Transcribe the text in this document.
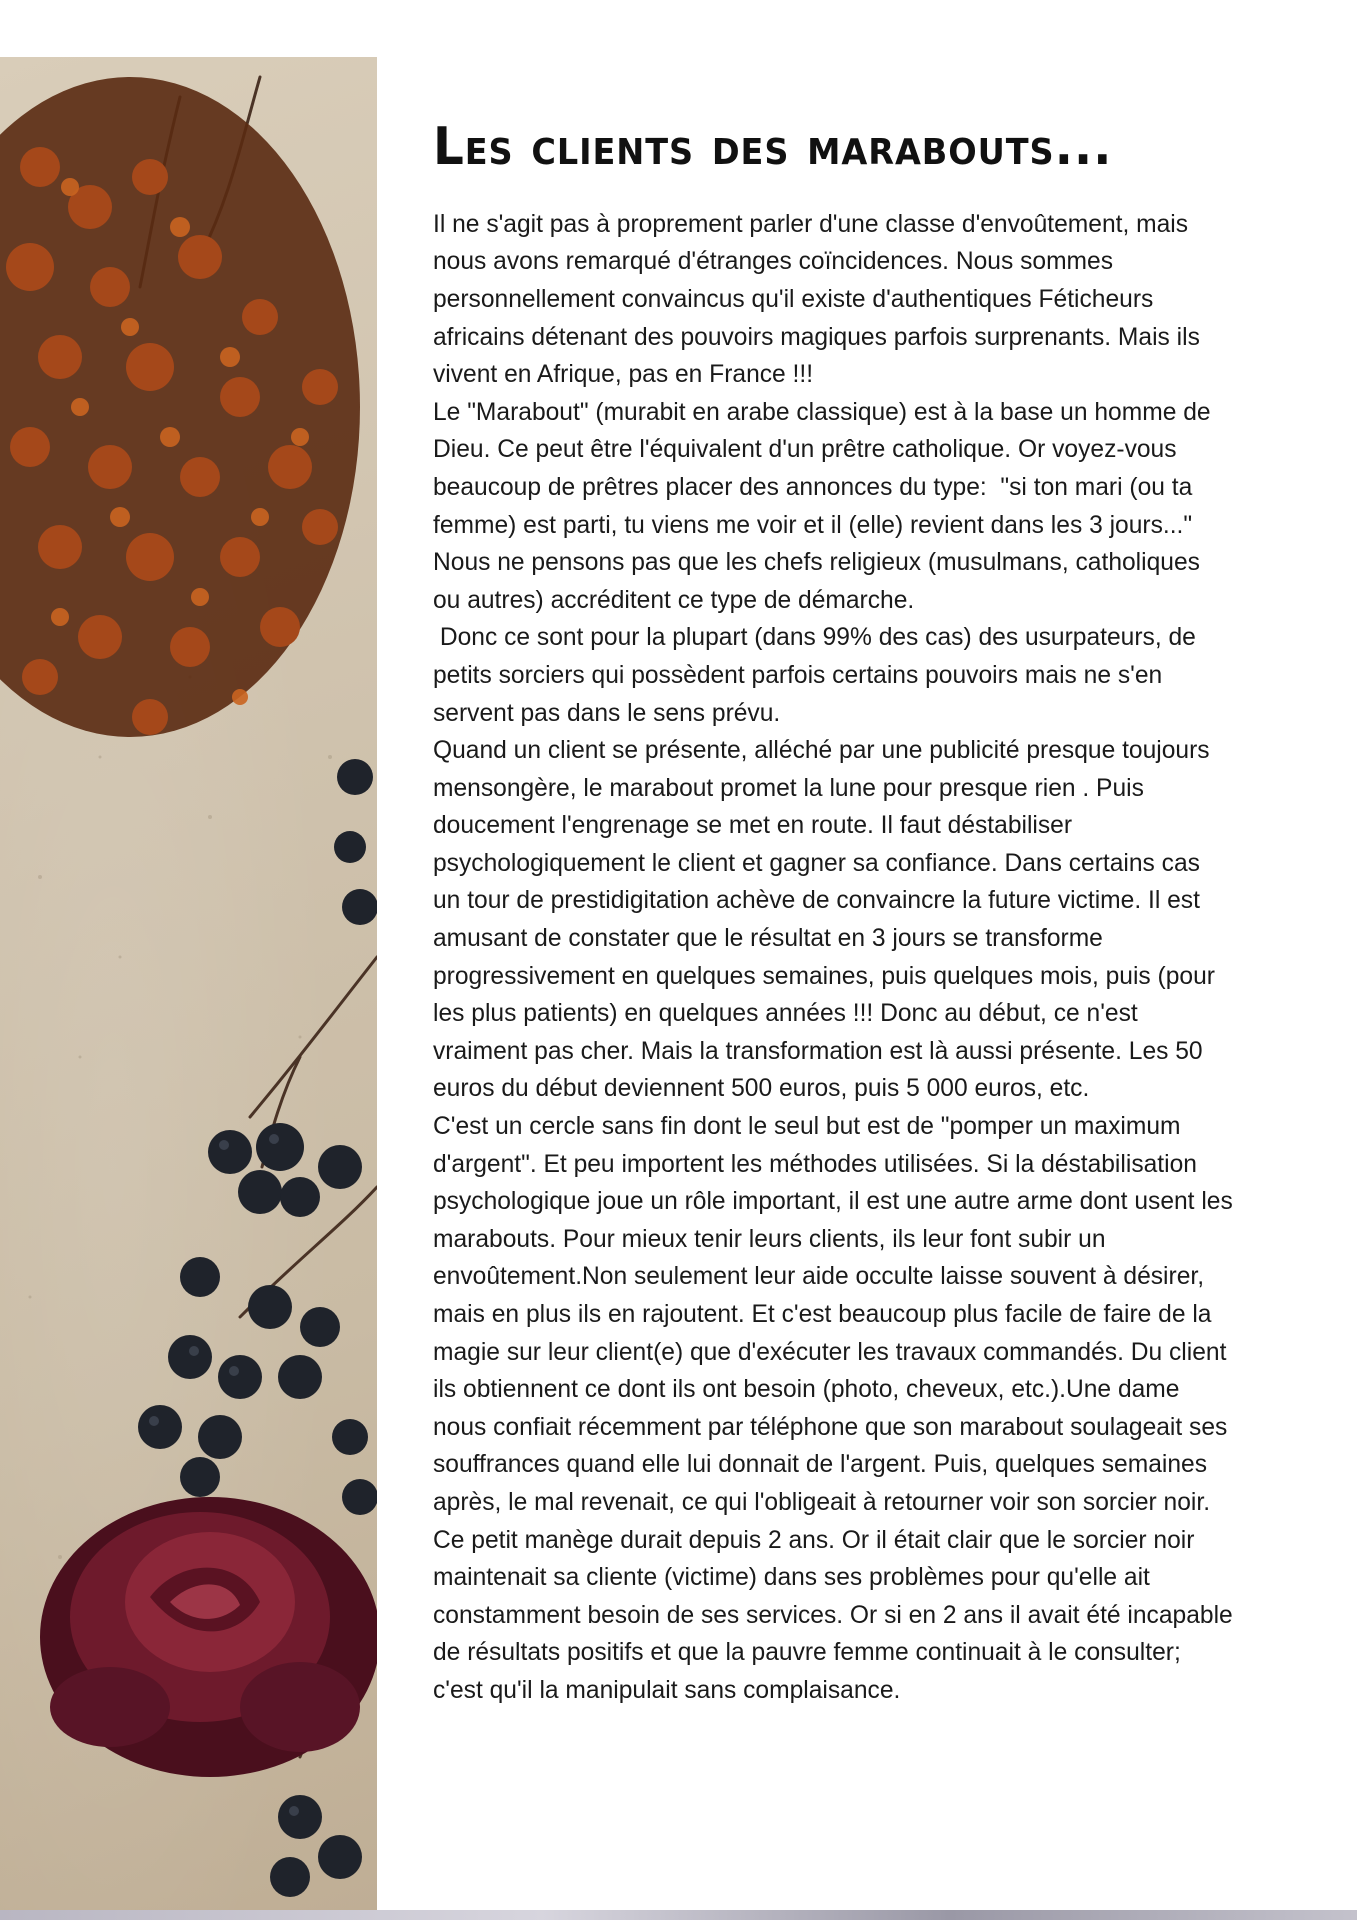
Les clients des marabouts...

Il ne s'agit pas à proprement parler d'une classe d'envoûtement, mais nous avons remarqué d'étranges coïncidences. Nous sommes personnellement convaincus qu'il existe d'authentiques Féticheurs africains détenant des pouvoirs magiques parfois surprenants. Mais ils vivent en Afrique, pas en France !!!

Le "Marabout" (murabit en arabe classique) est à la base un homme de Dieu. Ce peut être l'équivalent d'un prêtre catholique. Or voyez-vous beaucoup de prêtres placer des annonces du type:  "si ton mari (ou ta femme) est parti, tu viens me voir et il (elle) revient dans les 3 jours..."

Nous ne pensons pas que les chefs religieux (musulmans, catholiques ou autres) accréditent ce type de démarche.

Donc ce sont pour la plupart (dans 99% des cas) des usurpateurs, de petits sorciers qui possèdent parfois certains pouvoirs mais ne s'en servent pas dans le sens prévu.

Quand un client se présente, alléché par une publicité presque toujours mensongère, le marabout promet la lune pour presque rien . Puis doucement l'engrenage se met en route. Il faut déstabiliser psychologiquement le client et gagner sa confiance. Dans certains cas un tour de prestidigitation achève de convaincre la future victime. Il est amusant de constater que le résultat en 3 jours se transforme progressivement en quelques semaines, puis quelques mois, puis (pour les plus patients) en quelques années !!! Donc au début, ce n'est vraiment pas cher. Mais la transformation est là aussi présente. Les 50 euros du début deviennent 500 euros, puis 5 000 euros, etc.

C'est un cercle sans fin dont le seul but est de "pomper un maximum d'argent". Et peu importent les méthodes utilisées. Si la déstabilisation psychologique joue un rôle important, il est une autre arme dont usent les marabouts. Pour mieux tenir leurs clients, ils leur font subir un envoûtement.Non seulement leur aide occulte laisse souvent à désirer, mais en plus ils en rajoutent. Et c'est beaucoup plus facile de faire de la magie sur leur client(e) que d'exécuter les travaux commandés. Du client ils obtiennent ce dont ils ont besoin (photo, cheveux, etc.).Une dame nous confiait récemment par téléphone que son marabout soulageait ses souffrances quand elle lui donnait de l'argent. Puis, quelques semaines après, le mal revenait, ce qui l'obligeait à retourner voir son sorcier noir. Ce petit manège durait depuis 2 ans. Or il était clair que le sorcier noir maintenait sa cliente (victime) dans ses problèmes pour qu'elle ait constamment besoin de ses services. Or si en 2 ans il avait été incapable de résultats positifs et que la pauvre femme continuait à le consulter; c'est qu'il la manipulait sans complaisance.
